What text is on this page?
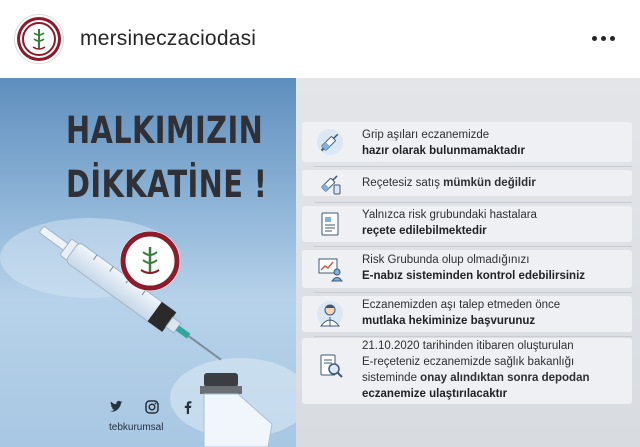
mersineczaciodasi
HALKIMIZIN
DİKKATİNE !
tebkurumsal
Grip aşıları eczanemizde
hazır olarak bulunmamaktadır
Reçetesiz satış mümkün değildir
Yalnızca risk grubundaki hastalara
reçete edilebilmektedir
Risk Grubunda olup olmadığınızı
E-nabız sisteminden kontrol edebilirsiniz
Eczanemizden aşı talep etmeden önce
mutlaka hekiminize başvurunuz
21.10.2020 tarihinden itibaren oluşturulan
E-reçeteniz eczanemizde sağlık bakanlığı
sisteminde onay alındıktan sonra depodan
eczanemize ulaştırılacaktır
